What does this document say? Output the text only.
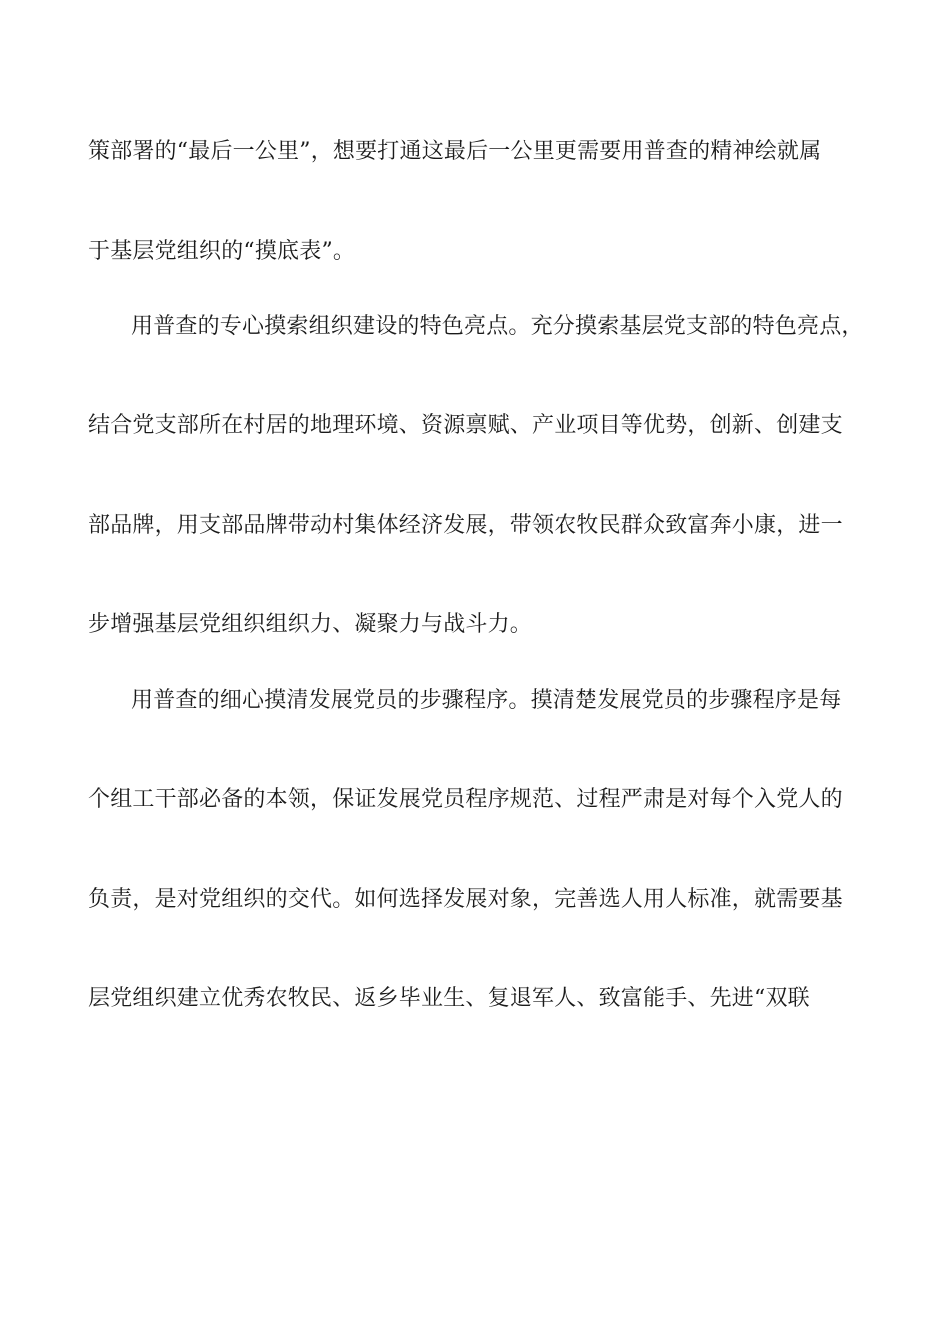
策部署的“最后一公里”，想要打通这最后一公里更需要用普查的精神绘就属
于基层党组织的“摸底表”。
用普查的专心摸索组织建设的特色亮点。充分摸索基层党支部的特色亮点，
结合党支部所在村居的地理环境、资源禀赋、产业项目等优势，创新、创建支
部品牌，用支部品牌带动村集体经济发展，带领农牧民群众致富奔小康，进一
步增强基层党组织组织力、凝聚力与战斗力。
用普查的细心摸清发展党员的步骤程序。摸清楚发展党员的步骤程序是每
个组工干部必备的本领，保证发展党员程序规范、过程严肃是对每个入党人的
负责，是对党组织的交代。如何选择发展对象，完善选人用人标准，就需要基
层党组织建立优秀农牧民、返乡毕业生、复退军人、致富能手、先进“双联
